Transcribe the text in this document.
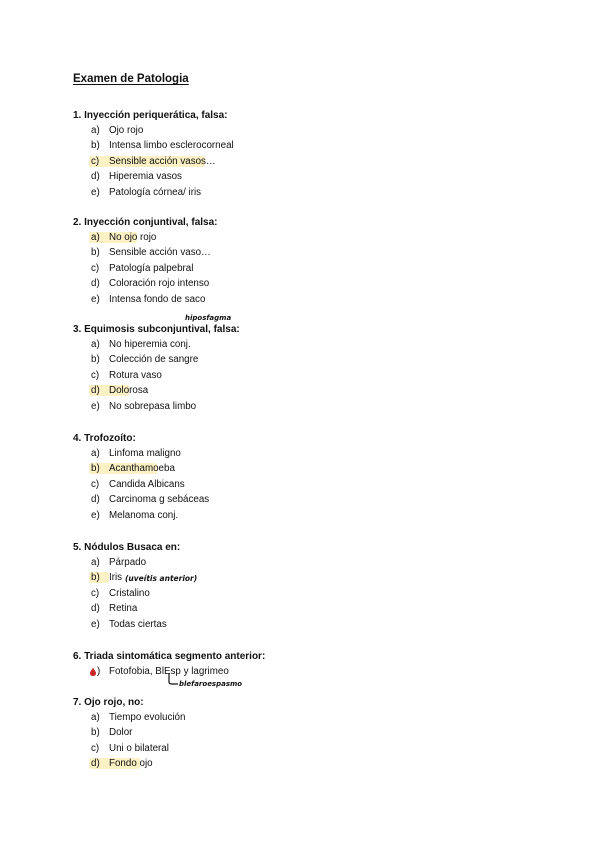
Examen de Patologia
1. Inyección periquerática, falsa:
a) Ojo rojo
b) Intensa limbo esclerocorneal
c) Sensible acción vasos…
d) Hiperemia vasos
e) Patología córnea/ iris
2. Inyección conjuntival, falsa:
a) No ojo rojo
b) Sensible acción vaso…
c) Patología palpebral
d) Coloración rojo intenso
e) Intensa fondo de saco
3. Equimosis subconjuntival, falsa:
hiposfagma
a) No hiperemia conj.
b) Colección de sangre
c) Rotura vaso
d) Dolorosa
e) No sobrepasa limbo
4. Trofozoíto:
a) Linfoma maligno
b) Acanthamoeba
c) Candida Albicans
d) Carcinoma g sebáceas
e) Melanoma conj.
5. Nódulos Busaca en:
a) Párpado
b) Iris (uveítis anterior)
c) Cristalino
d) Retina
e) Todas ciertas
6. Triada sintomática segmento anterior:
) Fotofobia, BlEsp y lagrimeo
blefaroespasmo
7. Ojo rojo, no:
a) Tiempo evolución
b) Dolor
c) Uni o bilateral
d) Fondo ojo
